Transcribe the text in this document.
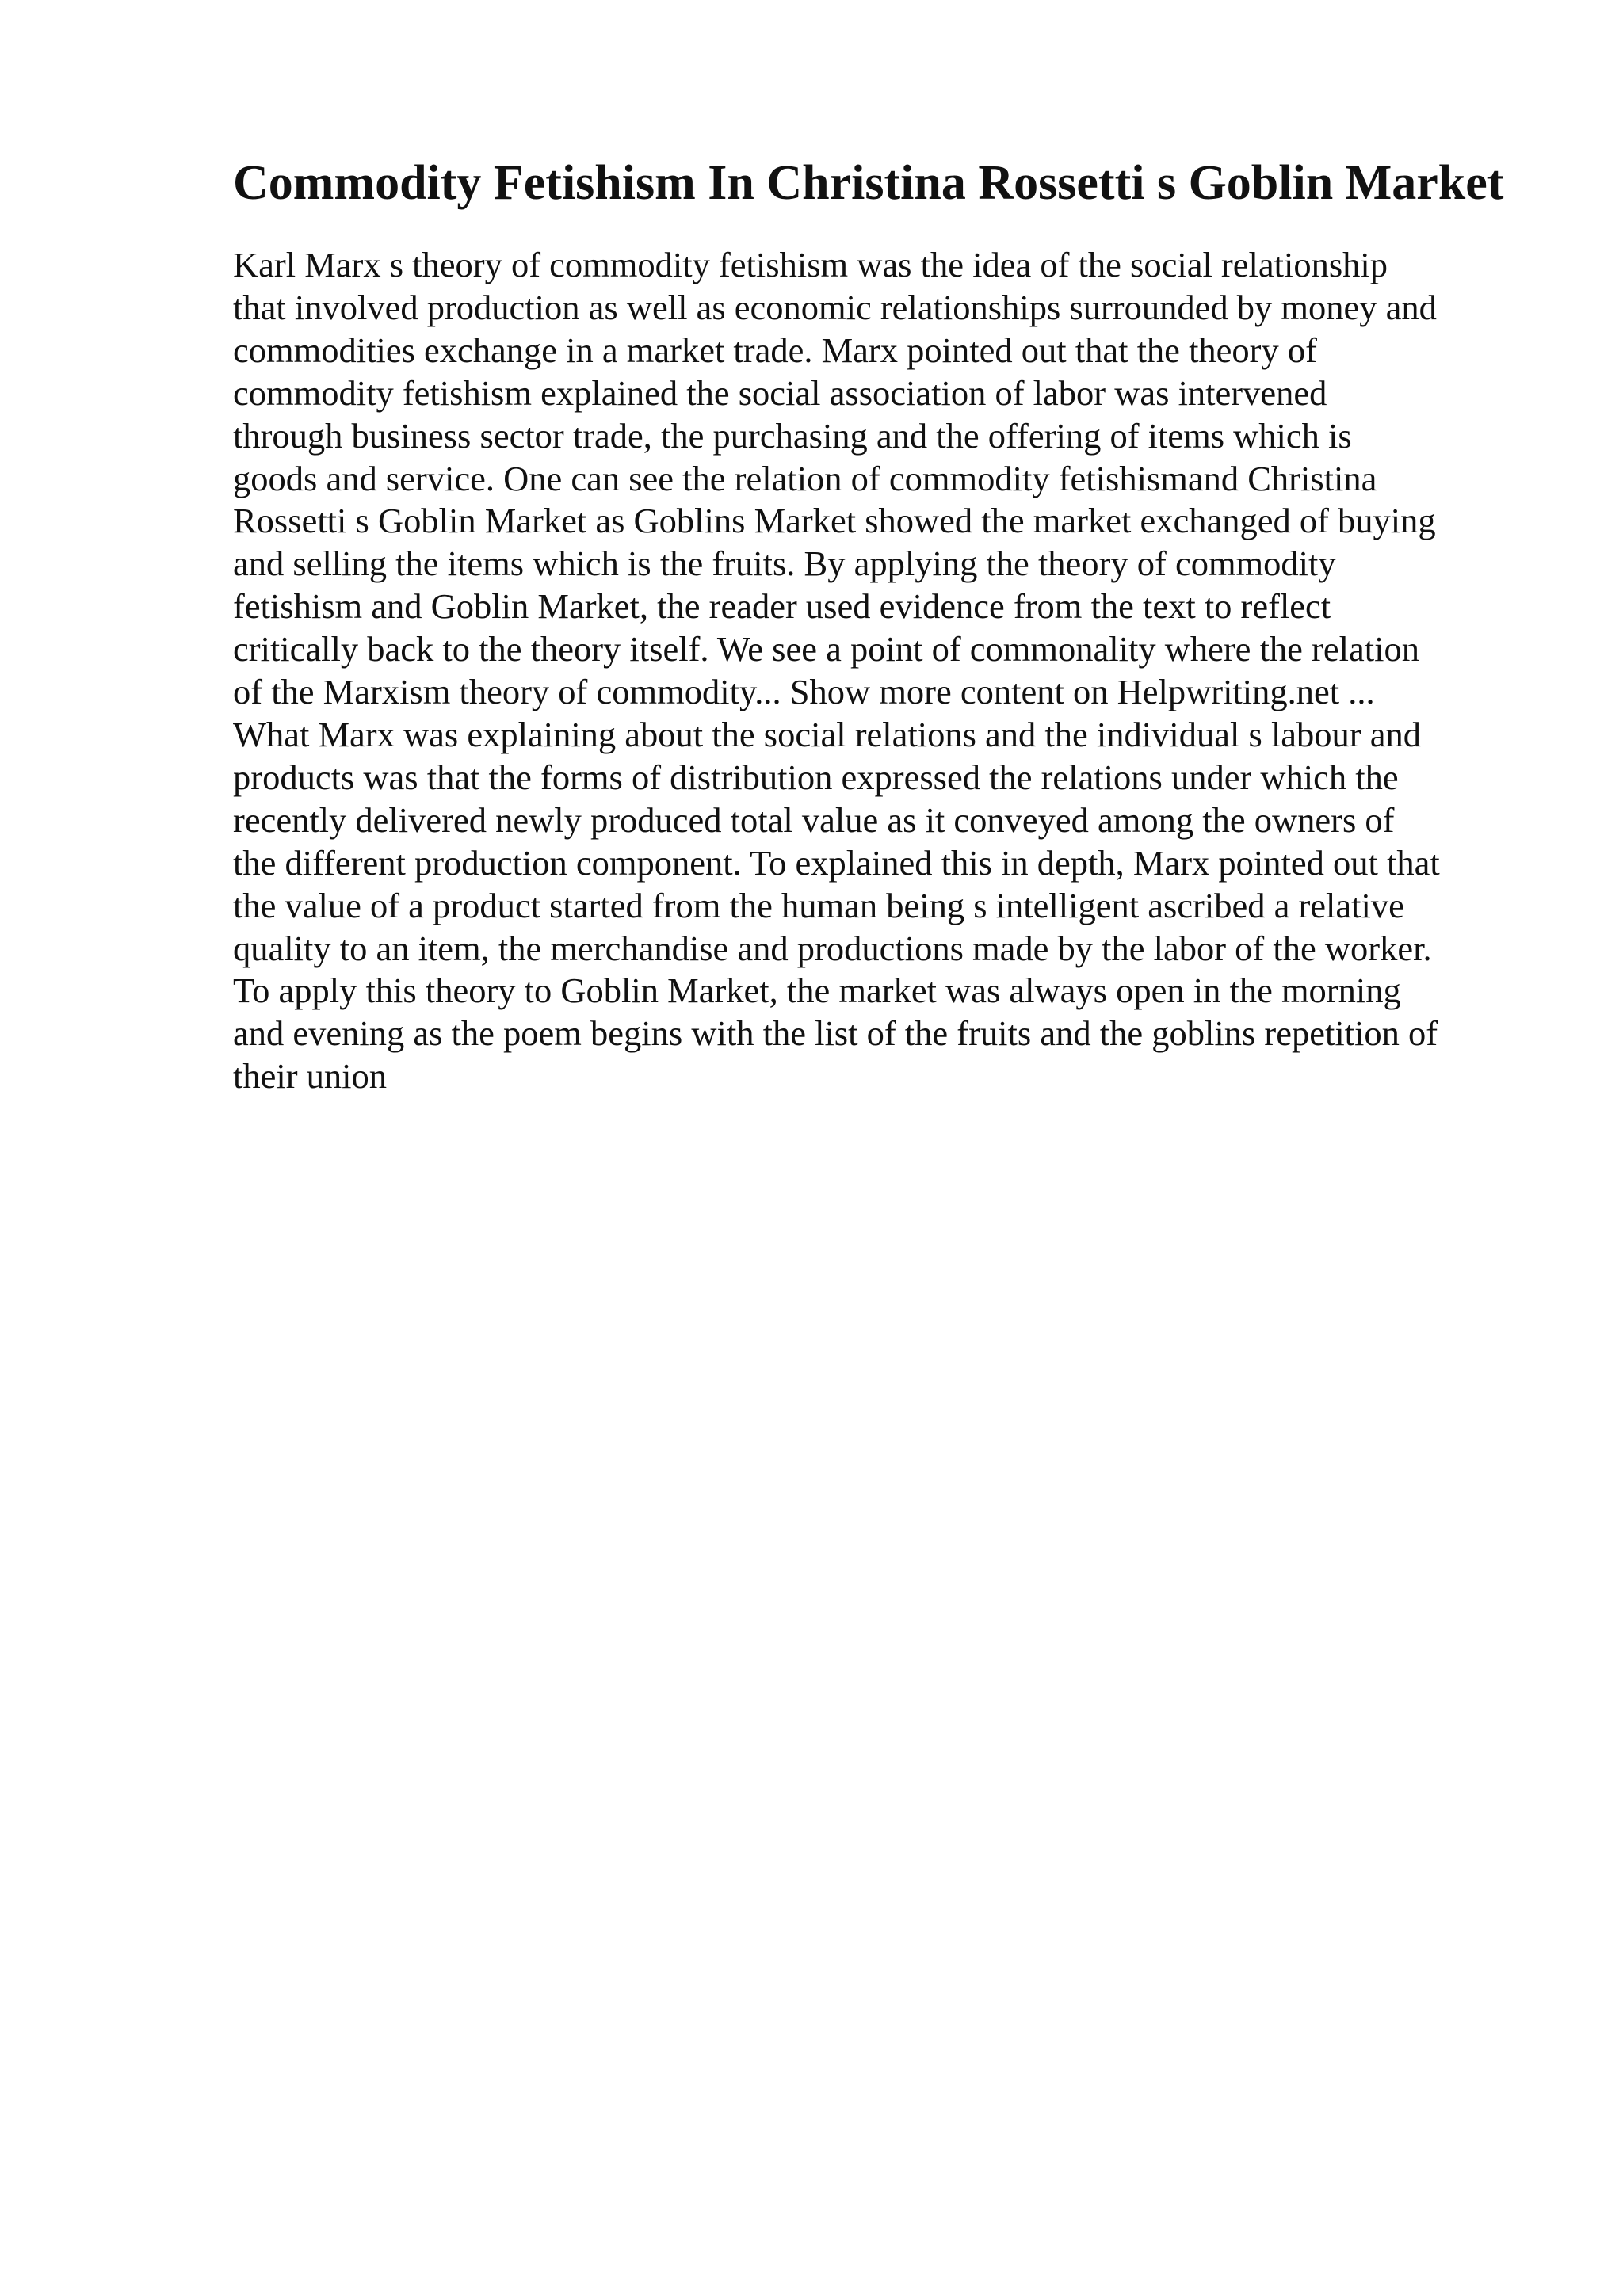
Commodity Fetishism In Christina Rossetti s Goblin Market
Karl Marx s theory of commodity fetishism was the idea of the social relationship
that involved production as well as economic relationships surrounded by money and
commodities exchange in a market trade. Marx pointed out that the theory of
commodity fetishism explained the social association of labor was intervened
through business sector trade, the purchasing and the offering of items which is
goods and service. One can see the relation of commodity fetishismand Christina
Rossetti s Goblin Market as Goblins Market showed the market exchanged of buying
and selling the items which is the fruits. By applying the theory of commodity
fetishism and Goblin Market, the reader used evidence from the text to reflect
critically back to the theory itself. We see a point of commonality where the relation
of the Marxism theory of commodity... Show more content on Helpwriting.net ...
What Marx was explaining about the social relations and the individual s labour and
products was that the forms of distribution expressed the relations under which the
recently delivered newly produced total value as it conveyed among the owners of
the different production component. To explained this in depth, Marx pointed out that
the value of a product started from the human being s intelligent ascribed a relative
quality to an item, the merchandise and productions made by the labor of the worker.
To apply this theory to Goblin Market, the market was always open in the morning
and evening as the poem begins with the list of the fruits and the goblins repetition of
their union
